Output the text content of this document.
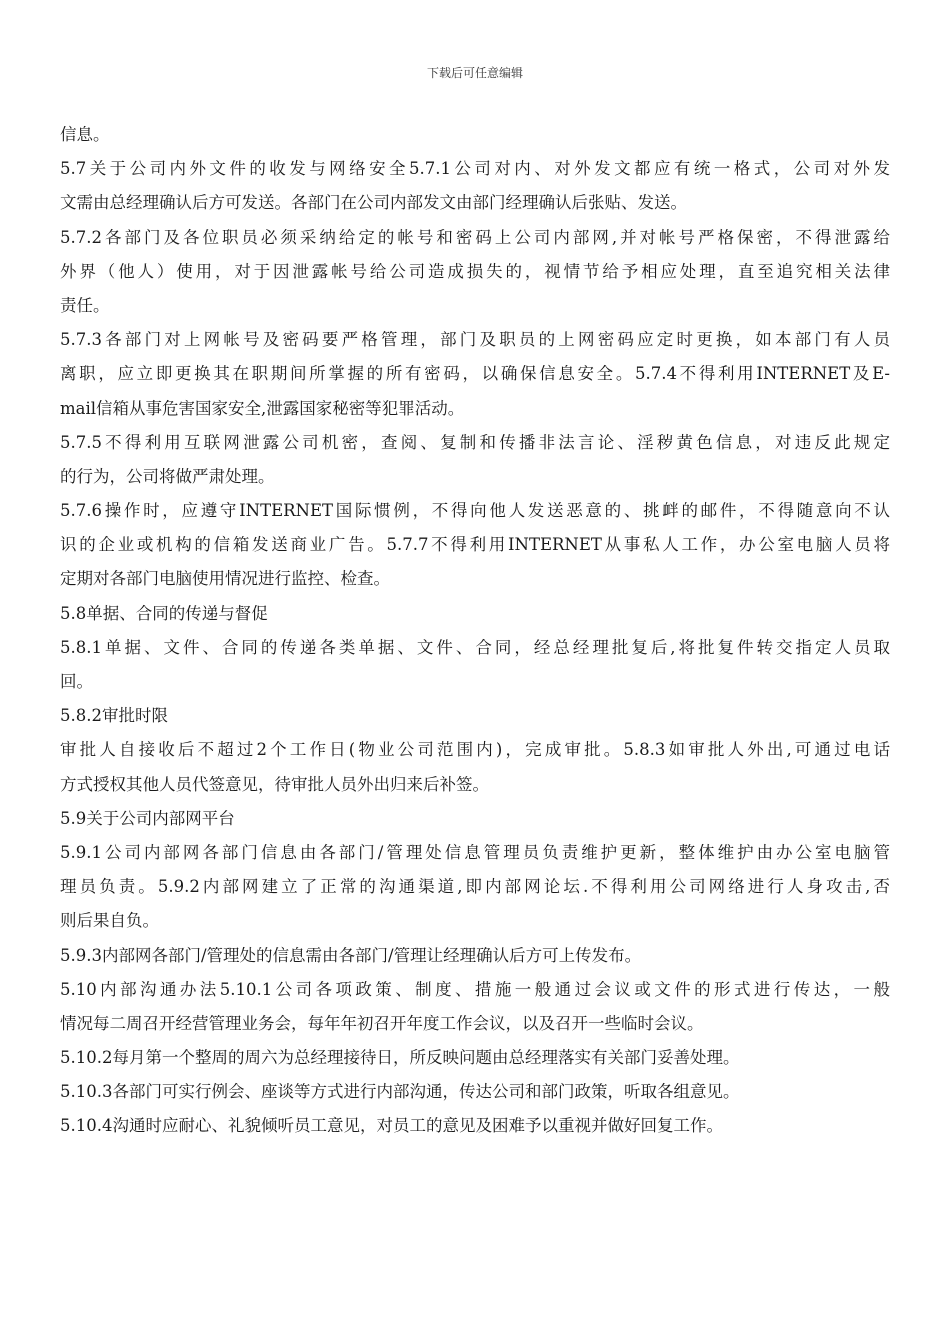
下载后可任意编辑
信息。
5.7关于公司内外文件的收发与网络安全5.7.1公司对内、对外发文都应有统一格式，公司对外发
文需由总经理确认后方可发送。各部门在公司内部发文由部门经理确认后张贴、发送。
5.7.2各部门及各位职员必须采纳给定的帐号和密码上公司内部网,并对帐号严格保密，不得泄露给
外界（他人）使用，对于因泄露帐号给公司造成损失的，视情节给予相应处理，直至追究相关法律
责任。
5.7.3各部门对上网帐号及密码要严格管理，部门及职员的上网密码应定时更换，如本部门有人员
离职，应立即更换其在职期间所掌握的所有密码，以确保信息安全。5.7.4不得利用INTERNET及E-
mail信箱从事危害国家安全,泄露国家秘密等犯罪活动。
5.7.5不得利用互联网泄露公司机密，查阅、复制和传播非法言论、淫秽黄色信息，对违反此规定
的行为，公司将做严肃处理。
5.7.6操作时，应遵守INTERNET国际惯例，不得向他人发送恶意的、挑衅的邮件，不得随意向不认
识的企业或机构的信箱发送商业广告。5.7.7不得利用INTERNET从事私人工作，办公室电脑人员将
定期对各部门电脑使用情况进行监控、检查。
5.8单据、合同的传递与督促
5.8.1单据、文件、合同的传递各类单据、文件、合同，经总经理批复后,将批复件转交指定人员取
回。
5.8.2审批时限
审批人自接收后不超过2个工作日(物业公司范围内)，完成审批。5.8.3如审批人外出,可通过电话
方式授权其他人员代签意见，待审批人员外出归来后补签。
5.9关于公司内部网平台
5.9.1公司内部网各部门信息由各部门/管理处信息管理员负责维护更新，整体维护由办公室电脑管
理员负责。5.9.2内部网建立了正常的沟通渠道,即内部网论坛.不得利用公司网络进行人身攻击,否
则后果自负。
5.9.3内部网各部门/管理处的信息需由各部门/管理让经理确认后方可上传发布。
5.10内部沟通办法5.10.1公司各项政策、制度、措施一般通过会议或文件的形式进行传达，一般
情况每二周召开经营管理业务会，每年年初召开年度工作会议，以及召开一些临时会议。
5.10.2每月第一个整周的周六为总经理接待日，所反映问题由总经理落实有关部门妥善处理。
5.10.3各部门可实行例会、座谈等方式进行内部沟通，传达公司和部门政策，听取各组意见。
5.10.4沟通时应耐心、礼貌倾听员工意见，对员工的意见及困难予以重视并做好回复工作。
